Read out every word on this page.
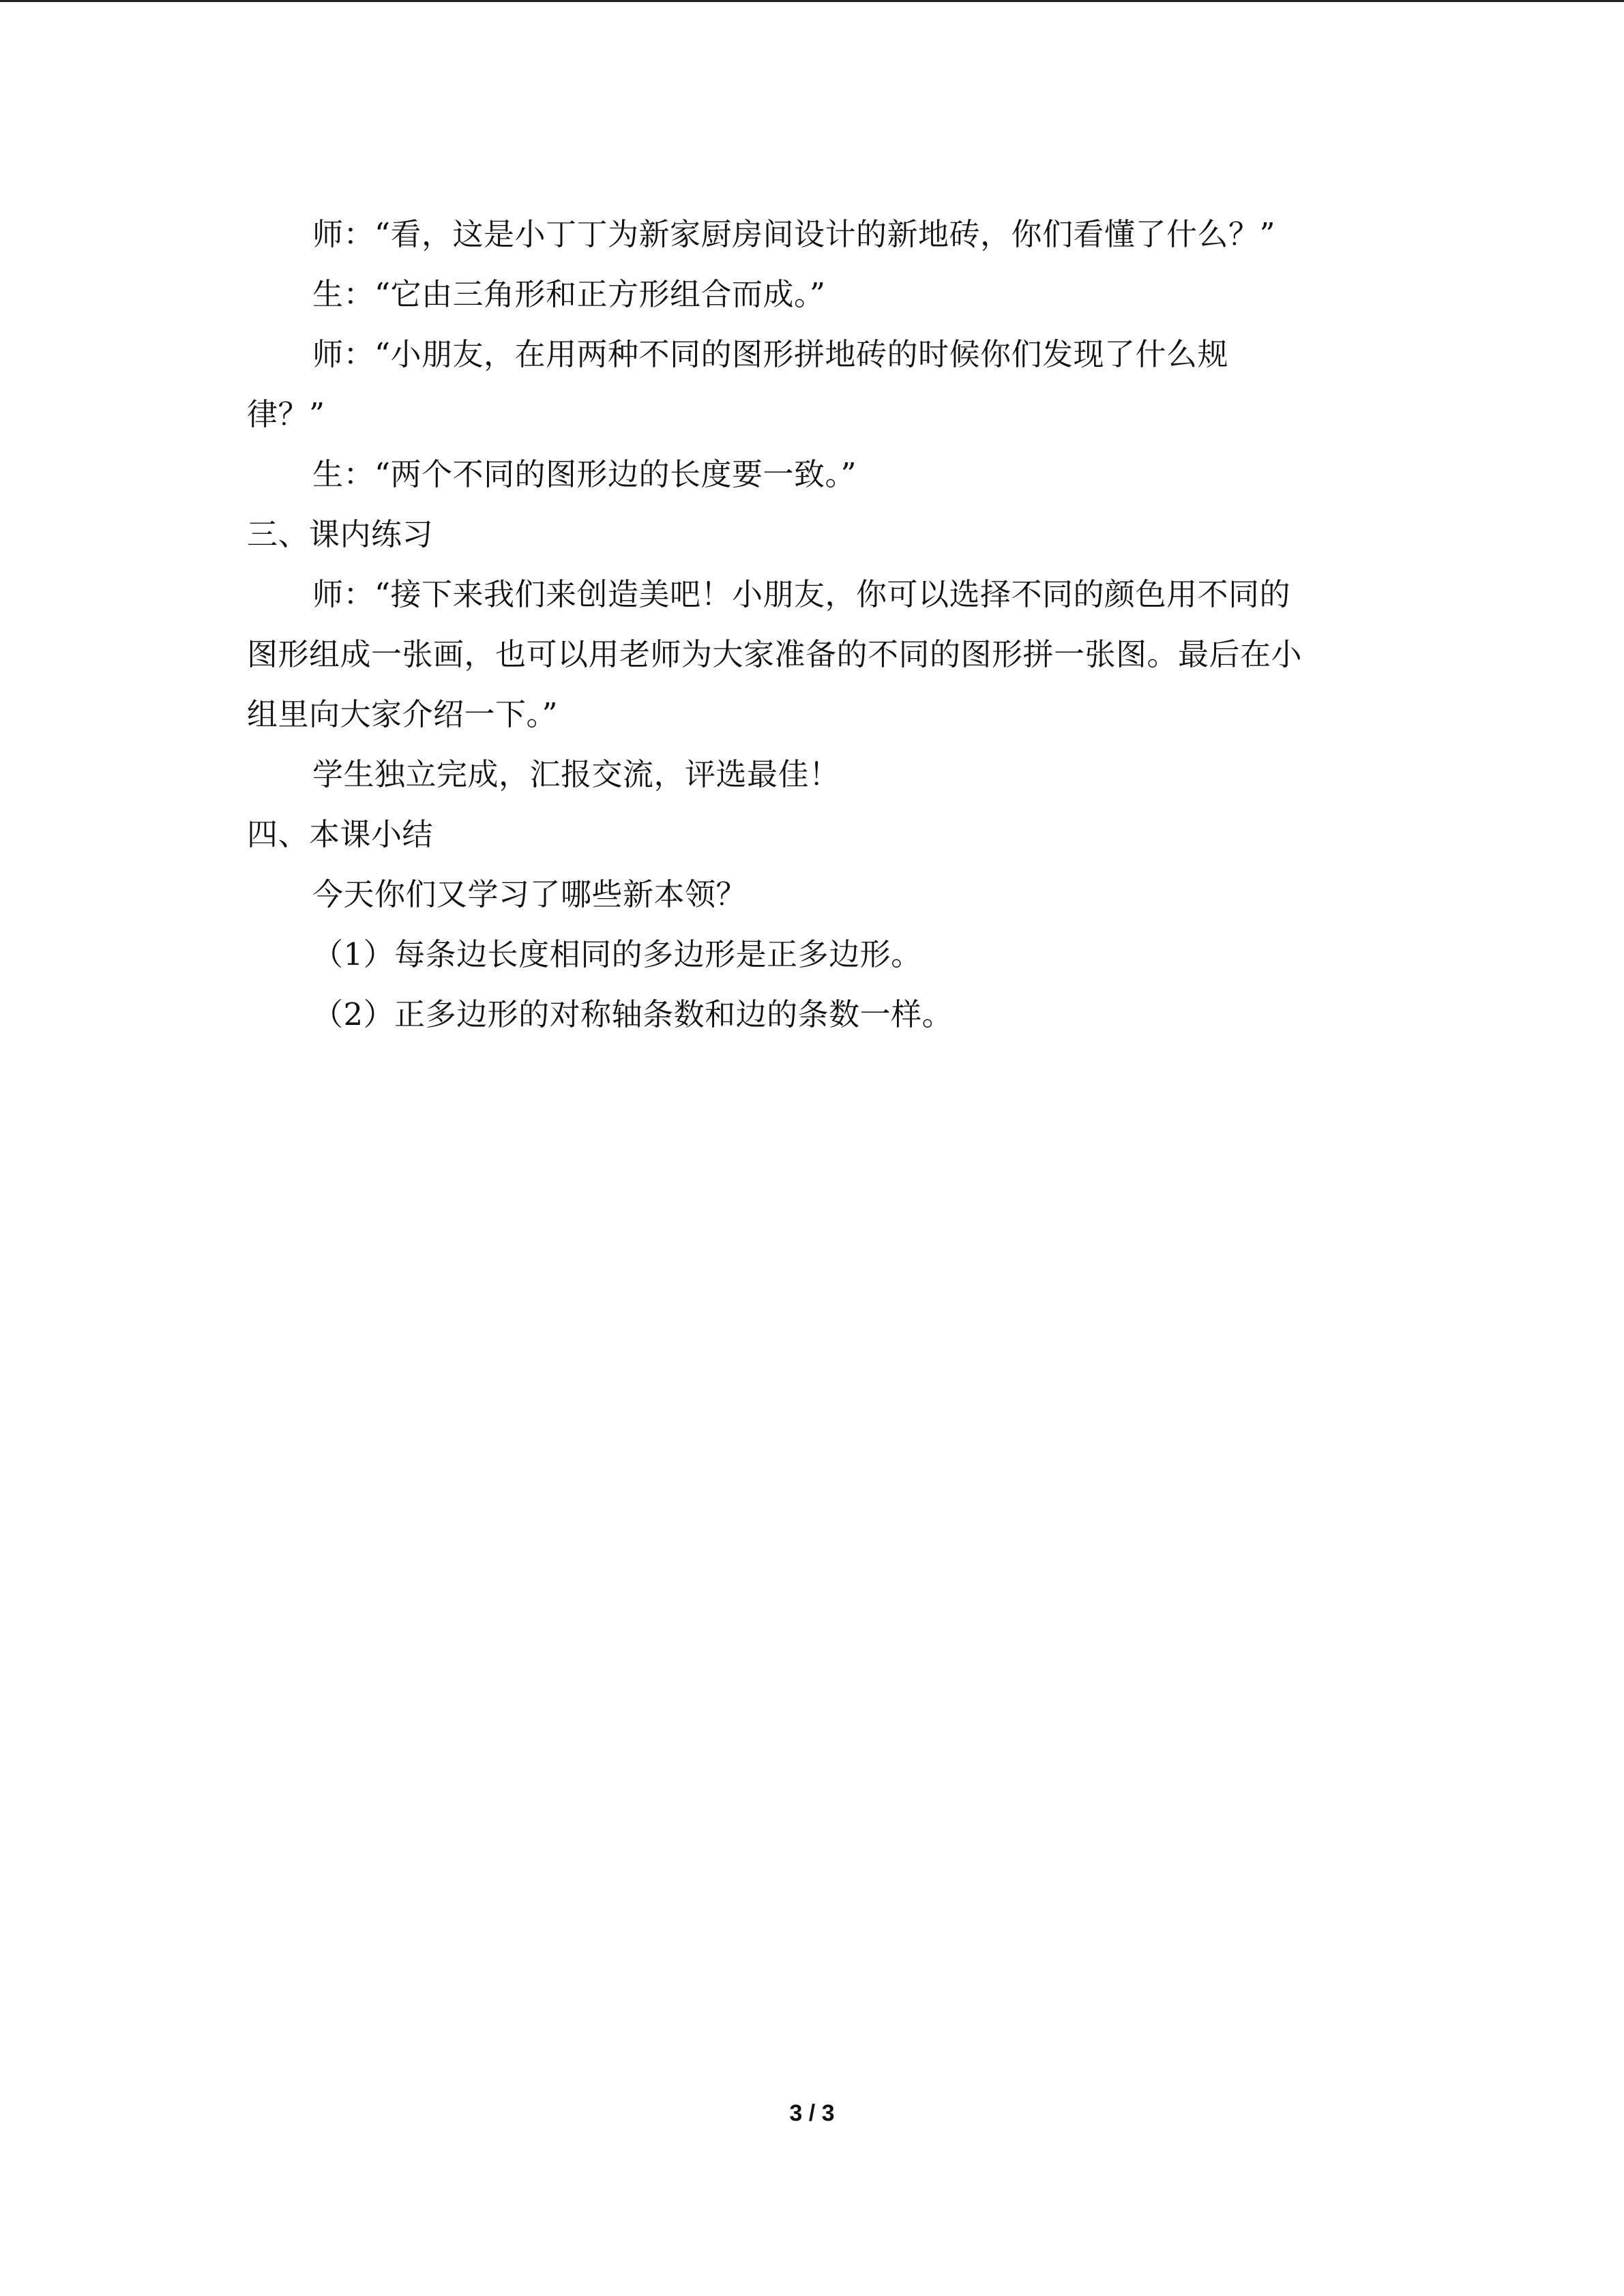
师：“看，这是小丁丁为新家厨房间设计的新地砖，你们看懂了什么？”

生：“它由三角形和正方形组合而成。”

师：“小朋友，在用两种不同的图形拼地砖的时候你们发现了什么规

律？”

生：“两个不同的图形边的长度要一致。”

三、课内练习

师：“接下来我们来创造美吧！小朋友，你可以选择不同的颜色用不同的

图形组成一张画，也可以用老师为大家准备的不同的图形拼一张图。最后在小

组里向大家介绍一下。”

学生独立完成，汇报交流，评选最佳！

四、本课小结

今天你们又学习了哪些新本领？

（1）每条边长度相同的多边形是正多边形。

（2）正多边形的对称轴条数和边的条数一样。

3 / 3
